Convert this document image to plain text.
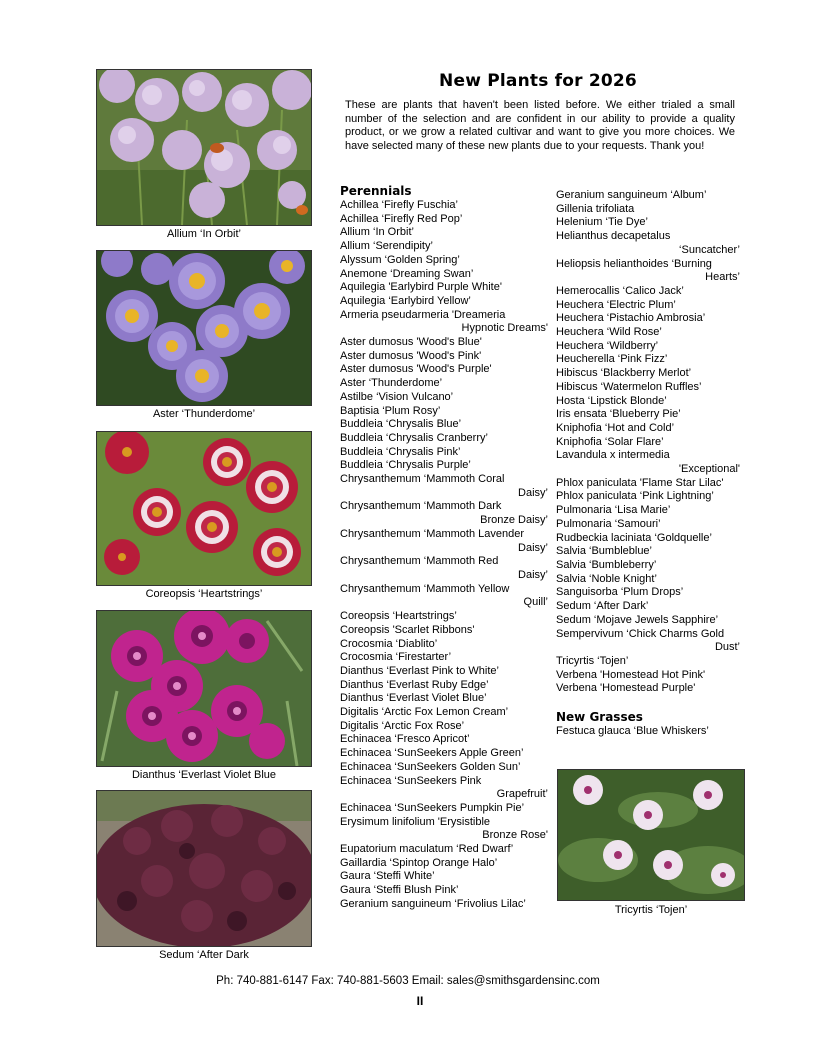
Allium ‘In Orbit’
Aster ‘Thunderdome’
Coreopsis ‘Heartstrings’
Dianthus ‘Everlast Violet Blue
Sedum ‘After Dark
New Plants for 2026
These are plants that haven't been listed before. We either trialed a small number of the selection and are confident in our ability to provide a quality product, or we grow a related cultivar and want to give you more choices. We have selected many of these new plants due to your requests. Thank you!
Perennials
Achillea ‘Firefly Fuschia’
Achillea ‘Firefly Red Pop’
Allium ‘In Orbit’
Allium ‘Serendipity’
Alyssum ‘Golden Spring’
Anemone ‘Dreaming Swan’
Aquilegia 'Earlybird Purple White'
Aquilegia ‘Earlybird Yellow’
Armeria pseudarmeria 'Dreameria
Hypnotic Dreams'
Aster dumosus 'Wood's Blue'
Aster dumosus 'Wood's Pink'
Aster dumosus 'Wood's Purple'
Aster ‘Thunderdome’
Astilbe ‘Vision Vulcano’
Baptisia ‘Plum Rosy’
Buddleia ‘Chrysalis Blue’
Buddleia ‘Chrysalis Cranberry’
Buddleia ‘Chrysalis Pink’
Buddleia ‘Chrysalis Purple’
Chrysanthemum ‘Mammoth Coral
Daisy’
Chrysanthemum ‘Mammoth Dark
Bronze Daisy’
Chrysanthemum ‘Mammoth Lavender
Daisy’
Chrysanthemum ‘Mammoth Red
Daisy’
Chrysanthemum ‘Mammoth Yellow
Quill’
Coreopsis ‘Heartstrings’
Coreopsis 'Scarlet Ribbons'
Crocosmia ‘Diablito’
Crocosmia ‘Firestarter’
Dianthus ‘Everlast Pink to White’
Dianthus ‘Everlast Ruby Edge’
Dianthus ‘Everlast Violet Blue’
Digitalis ‘Arctic Fox Lemon Cream’
Digitalis ‘Arctic Fox Rose’
Echinacea ‘Fresco Apricot’
Echinacea ‘SunSeekers Apple Green’
Echinacea ‘SunSeekers Golden Sun’
Echinacea ‘SunSeekers Pink
Grapefruit’
Echinacea ‘SunSeekers Pumpkin Pie’
Erysimum linifolium 'Erysistible
Bronze Rose'
Eupatorium maculatum ‘Red Dwarf’
Gaillardia ‘Spintop Orange Halo’
Gaura ‘Steffi White’
Gaura ‘Steffi Blush Pink’
Geranium sanguineum ‘Frivolius Lilac’
Geranium sanguineum ‘Album’
Gillenia trifoliata
Helenium ‘Tie Dye’
Helianthus decapetalus
‘Suncatcher’
Heliopsis helianthoides ‘Burning
Hearts’
Hemerocallis ‘Calico Jack’
Heuchera ‘Electric Plum’
Heuchera ‘Pistachio Ambrosia’
Heuchera ‘Wild Rose’
Heuchera ‘Wildberry’
Heucherella ‘Pink Fizz’
Hibiscus ‘Blackberry Merlot’
Hibiscus ‘Watermelon Ruffles’
Hosta ‘Lipstick Blonde’
Iris ensata ‘Blueberry Pie’
Kniphofia ‘Hot and Cold’
Kniphofia ‘Solar Flare’
Lavandula x intermedia
'Exceptional'
Phlox paniculata 'Flame Star Lilac'
Phlox paniculata ‘Pink Lightning’
Pulmonaria ‘Lisa Marie’
Pulmonaria ‘Samouri’
Rudbeckia laciniata ‘Goldquelle’
Salvia ‘Bumbleblue’
Salvia ‘Bumbleberry’
Salvia ‘Noble Knight’
Sanguisorba ‘Plum Drops’
Sedum ‘After Dark’
Sedum ‘Mojave Jewels Sapphire’
Sempervivum ‘Chick Charms Gold
Dust’
Tricyrtis ‘Tojen’
Verbena 'Homestead Hot Pink'
Verbena 'Homestead Purple'
New Grasses
Festuca glauca ‘Blue Whiskers’
Tricyrtis ‘Tojen’
Ph: 740-881-6147 Fax: 740-881-5603 Email: sales@smithsgardensinc.com
II
